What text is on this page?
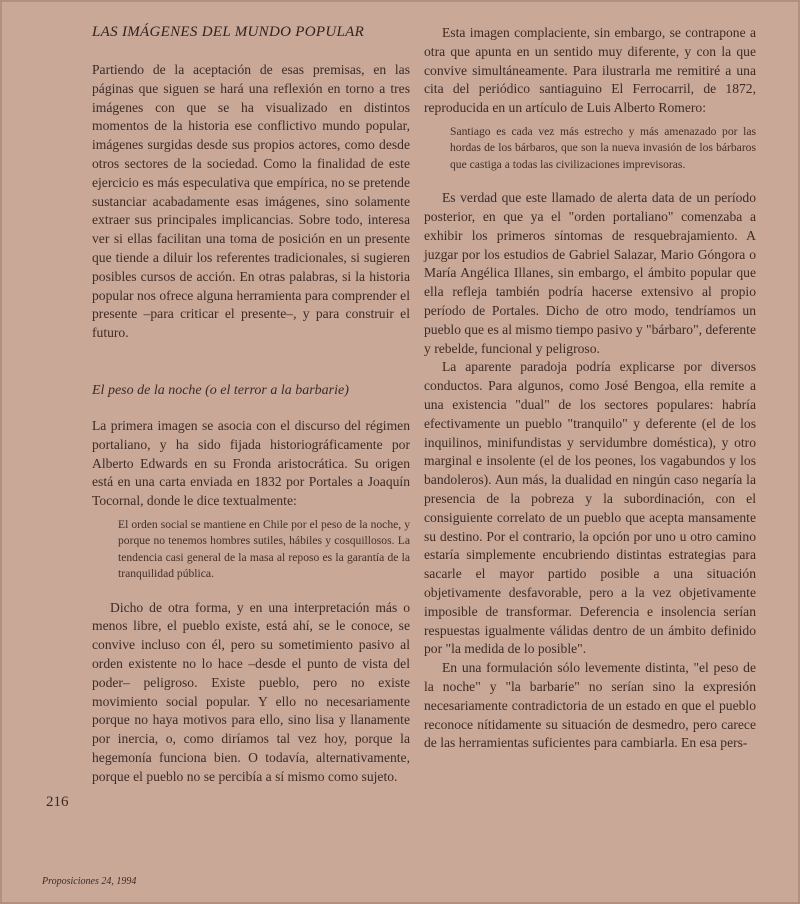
LAS IMÁGENES DEL MUNDO POPULAR

Partiendo de la aceptación de esas premisas, en las páginas que siguen se hará una reflexión en torno a tres imágenes con que se ha visualizado en distintos momentos de la historia ese conflictivo mundo popular, imágenes surgidas desde sus propios actores, como desde otros sectores de la sociedad. Como la finalidad de este ejercicio es más especulativa que empírica, no se pretende sustanciar acabadamente esas imágenes, sino solamente extraer sus principales implicancias. Sobre todo, interesa ver si ellas facilitan una toma de posición en un presente que tiende a diluir los referentes tradicionales, si sugieren posibles cursos de acción. En otras palabras, si la historia popular nos ofrece alguna herramienta para comprender el presente –para criticar el presente–, y para construir el futuro.

El peso de la noche (o el terror a la barbarie)

La primera imagen se asocia con el discurso del régimen portaliano, y ha sido fijada historiográficamente por Alberto Edwards en su Fronda aristocrática. Su origen está en una carta enviada en 1832 por Portales a Joaquín Tocornal, donde le dice textualmente:

El orden social se mantiene en Chile por el peso de la noche, y porque no tenemos hombres sutiles, hábiles y cosquillosos. La tendencia casi general de la masa al reposo es la garantía de la tranquilidad pública.

Dicho de otra forma, y en una interpretación más o menos libre, el pueblo existe, está ahí, se le conoce, se convive incluso con él, pero su sometimiento pasivo al orden existente no lo hace –desde el punto de vista del poder– peligroso. Existe pueblo, pero no existe movimiento social popular. Y ello no necesariamente porque no haya motivos para ello, sino lisa y llanamente por inercia, o, como diríamos tal vez hoy, porque la hegemonía funciona bien. O todavía, alternativamente, porque el pueblo no se percibía a sí mismo como sujeto.

Esta imagen complaciente, sin embargo, se contrapone a otra que apunta en un sentido muy diferente, y con la que convive simultáneamente. Para ilustrarla me remitiré a una cita del periódico santiaguino El Ferrocarril, de 1872, reproducida en un artículo de Luis Alberto Romero:

Santiago es cada vez más estrecho y más amenazado por las hordas de los bárbaros, que son la nueva invasión de los bárbaros que castiga a todas las civilizaciones imprevisoras.

Es verdad que este llamado de alerta data de un período posterior, en que ya el "orden portaliano" comenzaba a exhibir los primeros síntomas de resquebrajamiento. A juzgar por los estudios de Gabriel Salazar, Mario Góngora o María Angélica Illanes, sin embargo, el ámbito popular que ella refleja también podría hacerse extensivo al propio período de Portales. Dicho de otro modo, tendríamos un pueblo que es al mismo tiempo pasivo y "bárbaro", deferente y rebelde, funcional y peligroso.

La aparente paradoja podría explicarse por diversos conductos. Para algunos, como José Bengoa, ella remite a una existencia "dual" de los sectores populares: habría efectivamente un pueblo "tranquilo" y deferente (el de los inquilinos, minifundistas y servidumbre doméstica), y otro marginal e insolente (el de los peones, los vagabundos y los bandoleros). Aun más, la dualidad en ningún caso negaría la presencia de la pobreza y la subordinación, con el consiguiente correlato de un pueblo que acepta mansamente su destino. Por el contrario, la opción por uno u otro camino estaría simplemente encubriendo distintas estrategias para sacarle el mayor partido posible a una situación objetivamente desfavorable, pero a la vez objetivamente imposible de transformar. Deferencia e insolencia serían respuestas igualmente válidas dentro de un ámbito definido por "la medida de lo posible".

En una formulación sólo levemente distinta, "el peso de la noche" y "la barbarie" no serían sino la expresión necesariamente contradictoria de un estado en que el pueblo reconoce nítidamente su situación de desmedro, pero carece de las herramientas suficientes para cambiarla. En esa pers-

216
Proposiciones 24, 1994
